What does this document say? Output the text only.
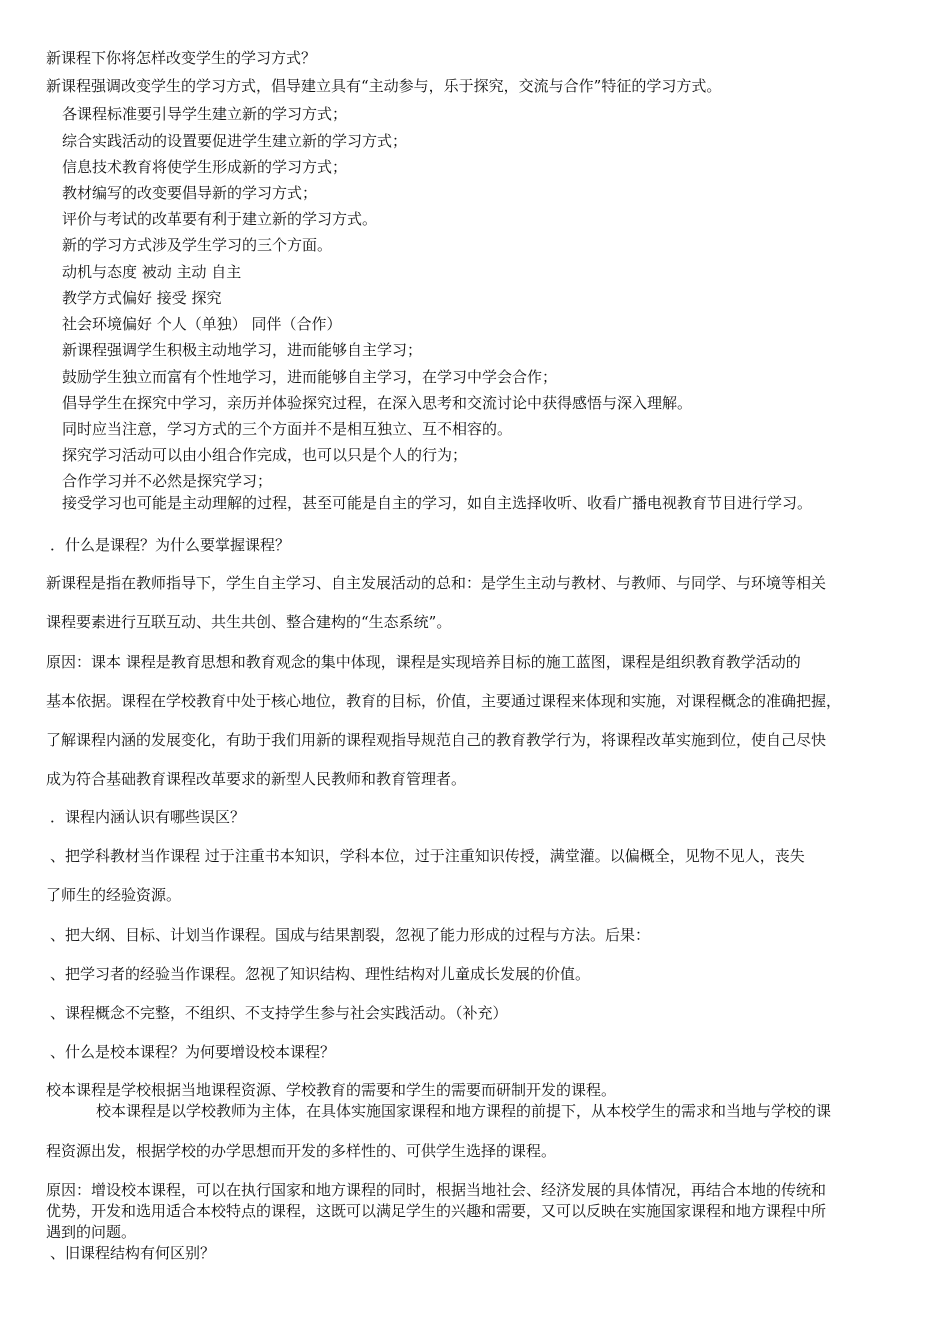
新课程下你将怎样改变学生的学习方式？

新课程强调改变学生的学习方式，倡导建立具有“主动参与，乐于探究，交流与合作”特征的学习方式。

各课程标准要引导学生建立新的学习方式；

综合实践活动的设置要促进学生建立新的学习方式；

信息技术教育将使学生形成新的学习方式；

教材编写的改变要倡导新的学习方式；

评价与考试的改革要有利于建立新的学习方式。

新的学习方式涉及学生学习的三个方面。

动机与态度 被动 主动 自主

教学方式偏好 接受 探究

社会环境偏好 个人（单独） 同伴（合作）

新课程强调学生积极主动地学习，进而能够自主学习；

鼓励学生独立而富有个性地学习，进而能够自主学习，在学习中学会合作；

倡导学生在探究中学习，亲历并体验探究过程，在深入思考和交流讨论中获得感悟与深入理解。

同时应当注意，学习方式的三个方面并不是相互独立、互不相容的。

探究学习活动可以由小组合作完成，也可以只是个人的行为；

合作学习并不必然是探究学习；

接受学习也可能是主动理解的过程，甚至可能是自主的学习，如自主选择收听、收看广播电视教育节目进行学习。

．什么是课程？为什么要掌握课程？

新课程是指在教师指导下，学生自主学习、自主发展活动的总和：是学生主动与教材、与教师、与同学、与环境等相关

课程要素进行互联互动、共生共创、整合建构的“生态系统”。

原因：课本 课程是教育思想和教育观念的集中体现，课程是实现培养目标的施工蓝图，课程是组织教育教学活动的

基本依据。课程在学校教育中处于核心地位，教育的目标，价值，主要通过课程来体现和实施，对课程概念的准确把握，

了解课程内涵的发展变化，有助于我们用新的课程观指导规范自己的教育教学行为，将课程改革实施到位，使自己尽快

成为符合基础教育课程改革要求的新型人民教师和教育管理者。

．课程内涵认识有哪些误区？

、把学科教材当作课程 过于注重书本知识，学科本位，过于注重知识传授，满堂灌。以偏概全，见物不见人，丧失

了师生的经验资源。

、把大纲、目标、计划当作课程。国成与结果割裂，忽视了能力形成的过程与方法。后果：

、把学习者的经验当作课程。忽视了知识结构、理性结构对儿童成长发展的价值。

、课程概念不完整，不组织、不支持学生参与社会实践活动。（补充）

、什么是校本课程？为何要增设校本课程？

校本课程是学校根据当地课程资源、学校教育的需要和学生的需要而研制开发的课程。

校本课程是以学校教师为主体，在具体实施国家课程和地方课程的前提下，从本校学生的需求和当地与学校的课

程资源出发，根据学校的办学思想而开发的多样性的、可供学生选择的课程。

原因：增设校本课程，可以在执行国家和地方课程的同时，根据当地社会、经济发展的具体情况，再结合本地的传统和

优势，开发和选用适合本校特点的课程，这既可以满足学生的兴趣和需要，又可以反映在实施国家课程和地方课程中所

遇到的问题。

、旧课程结构有何区别？
